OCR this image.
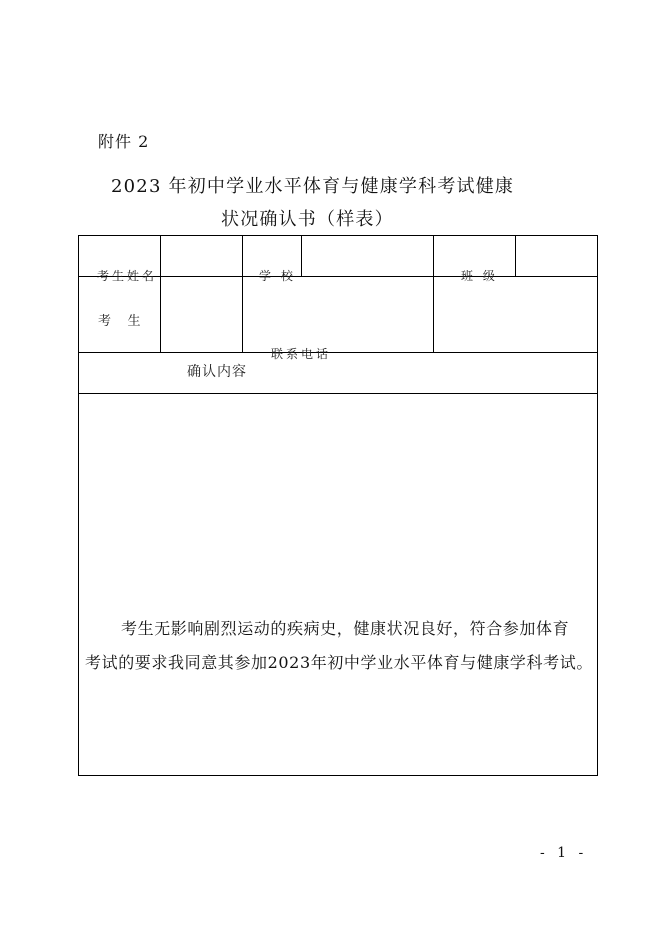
附件 2
2023 年初中学业水平体育与健康学科考试健康
状况确认书（样表）
考生姓名	学 校	班 级
联系电话
考    生
确认内容
考生无影响剧烈运动的疾病史，健康状况良好，符合参加体育
考试的要求我同意其参加2023年初中学业水平体育与健康学科考试。
- 1 -
